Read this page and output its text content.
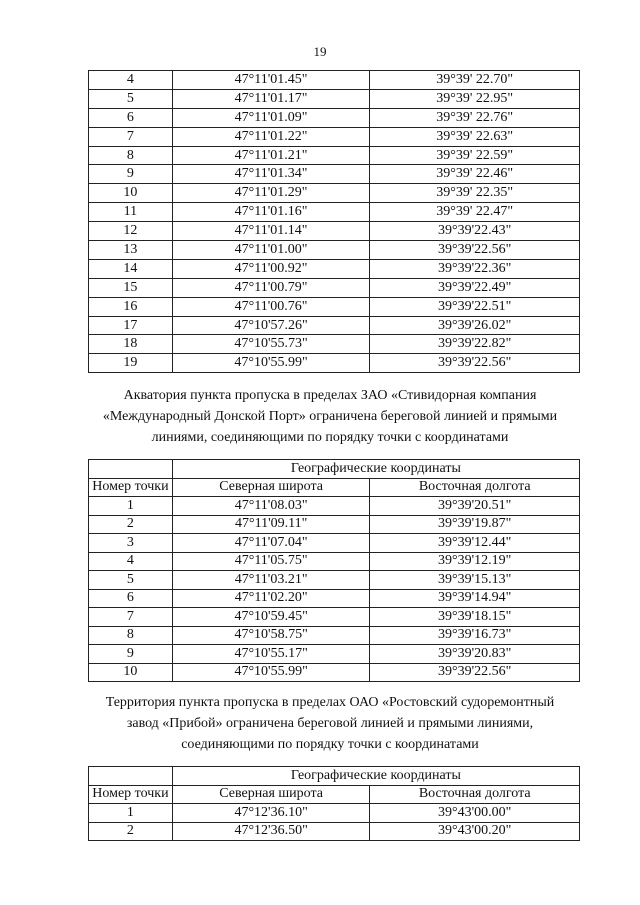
19
4	47°11'01.45"	39°39' 22.70"
5	47°11'01.17"	39°39' 22.95"
6	47°11'01.09"	39°39' 22.76"
7	47°11'01.22"	39°39' 22.63"
8	47°11'01.21"	39°39' 22.59"
9	47°11'01.34"	39°39' 22.46"
10	47°11'01.29"	39°39' 22.35"
11	47°11'01.16"	39°39' 22.47"
12	47°11'01.14"	39°39'22.43"
13	47°11'01.00"	39°39'22.56"
14	47°11'00.92"	39°39'22.36"
15	47°11'00.79"	39°39'22.49"
16	47°11'00.76"	39°39'22.51"
17	47°10'57.26"	39°39'26.02"
18	47°10'55.73"	39°39'22.82"
19	47°10'55.99"	39°39'22.56"
Акватория пункта пропуска в пределах ЗАО «Стивидорная компания
«Международный Донской Порт» ограничена береговой линией и прямыми
линиями, соединяющими по порядку точки с координатами
	Географические координаты	
Номер точки	Северная широта	Восточная долгота
1	47°11'08.03"	39°39'20.51"
2	47°11'09.11"	39°39'19.87"
3	47°11'07.04"	39°39'12.44"
4	47°11'05.75"	39°39'12.19"
5	47°11'03.21"	39°39'15.13"
6	47°11'02.20"	39°39'14.94"
7	47°10'59.45"	39°39'18.15"
8	47°10'58.75"	39°39'16.73"
9	47°10'55.17"	39°39'20.83"
10	47°10'55.99"	39°39'22.56"
Территория пункта пропуска в пределах ОАО «Ростовский судоремонтный
завод «Прибой» ограничена береговой линией и прямыми линиями,
соединяющими по порядку точки с координатами
	Географические координаты	
Номер точки	Северная широта	Восточная долгота
1	47°12'36.10"	39°43'00.00"
2	47°12'36.50"	39°43'00.20"
